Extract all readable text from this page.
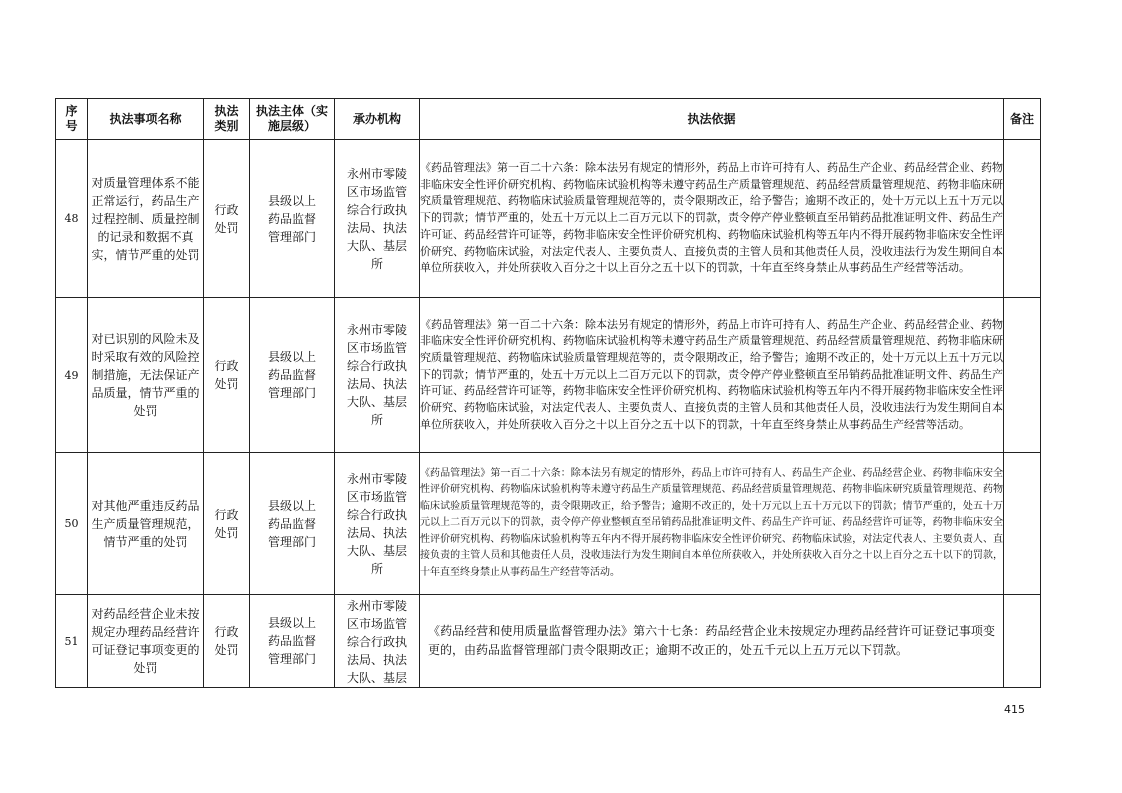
序号	执法事项名称	执法类别	执法主体（实施层级）	承办机构	执法依据	备注
48	对质量管理体系不能正常运行，药品生产过程控制、质量控制的记录和数据不真实，情节严重的处罚	行政处罚	县级以上药品监督管理部门	永州市零陵区市场监管综合行政执法局、执法大队、基层所	《药品管理法》第一百二十六条：除本法另有规定的情形外，药品上市许可持有人、药品生产企业、药品经营企业、药物非临床安全性评价研究机构、药物临床试验机构等未遵守药品生产质量管理规范、药品经营质量管理规范、药物非临床研究质量管理规范、药物临床试验质量管理规范等的，责令限期改正，给予警告；逾期不改正的，处十万元以上五十万元以下的罚款；情节严重的，处五十万元以上二百万元以下的罚款，责令停产停业整顿直至吊销药品批准证明文件、药品生产许可证、药品经营许可证等，药物非临床安全性评价研究机构、药物临床试验机构等五年内不得开展药物非临床安全性评价研究、药物临床试验，对法定代表人、主要负责人、直接负责的主管人员和其他责任人员，没收违法行为发生期间自本单位所获收入，并处所获收入百分之十以上百分之五十以下的罚款，十年直至终身禁止从事药品生产经营等活动。	
49	对已识别的风险未及时采取有效的风险控制措施，无法保证产品质量，情节严重的处罚	行政处罚	县级以上药品监督管理部门	永州市零陵区市场监管综合行政执法局、执法大队、基层所	《药品管理法》第一百二十六条：除本法另有规定的情形外，药品上市许可持有人、药品生产企业、药品经营企业、药物非临床安全性评价研究机构、药物临床试验机构等未遵守药品生产质量管理规范、药品经营质量管理规范、药物非临床研究质量管理规范、药物临床试验质量管理规范等的，责令限期改正，给予警告；逾期不改正的，处十万元以上五十万元以下的罚款；情节严重的，处五十万元以上二百万元以下的罚款，责令停产停业整顿直至吊销药品批准证明文件、药品生产许可证、药品经营许可证等，药物非临床安全性评价研究机构、药物临床试验机构等五年内不得开展药物非临床安全性评价研究、药物临床试验，对法定代表人、主要负责人、直接负责的主管人员和其他责任人员，没收违法行为发生期间自本单位所获收入，并处所获收入百分之十以上百分之五十以下的罚款，十年直至终身禁止从事药品生产经营等活动。	
50	对其他严重违反药品生产质量管理规范，情节严重的处罚	行政处罚	县级以上药品监督管理部门	永州市零陵区市场监管综合行政执法局、执法大队、基层所	《药品管理法》第一百二十六条：除本法另有规定的情形外，药品上市许可持有人、药品生产企业、药品经营企业、药物非临床安全性评价研究机构、药物临床试验机构等未遵守药品生产质量管理规范、药品经营质量管理规范、药物非临床研究质量管理规范、药物临床试验质量管理规范等的，责令限期改正，给予警告；逾期不改正的，处十万元以上五十万元以下的罚款；情节严重的，处五十万元以上二百万元以下的罚款，责令停产停业整顿直至吊销药品批准证明文件、药品生产许可证、药品经营许可证等，药物非临床安全性评价研究机构、药物临床试验机构等五年内不得开展药物非临床安全性评价研究、药物临床试验，对法定代表人、主要负责人、直接负责的主管人员和其他责任人员，没收违法行为发生期间自本单位所获收入，并处所获收入百分之十以上百分之五十以下的罚款，十年直至终身禁止从事药品生产经营等活动。	
51	对药品经营企业未按规定办理药品经营许可证登记事项变更的处罚	行政处罚	县级以上药品监督管理部门	永州市零陵区市场监管综合行政执法局、执法大队、基层	《药品经营和使用质量监督管理办法》第六十七条：药品经营企业未按规定办理药品经营许可证登记事项变更的，由药品监督管理部门责令限期改正；逾期不改正的，处五千元以上五万元以下罚款。	
415
